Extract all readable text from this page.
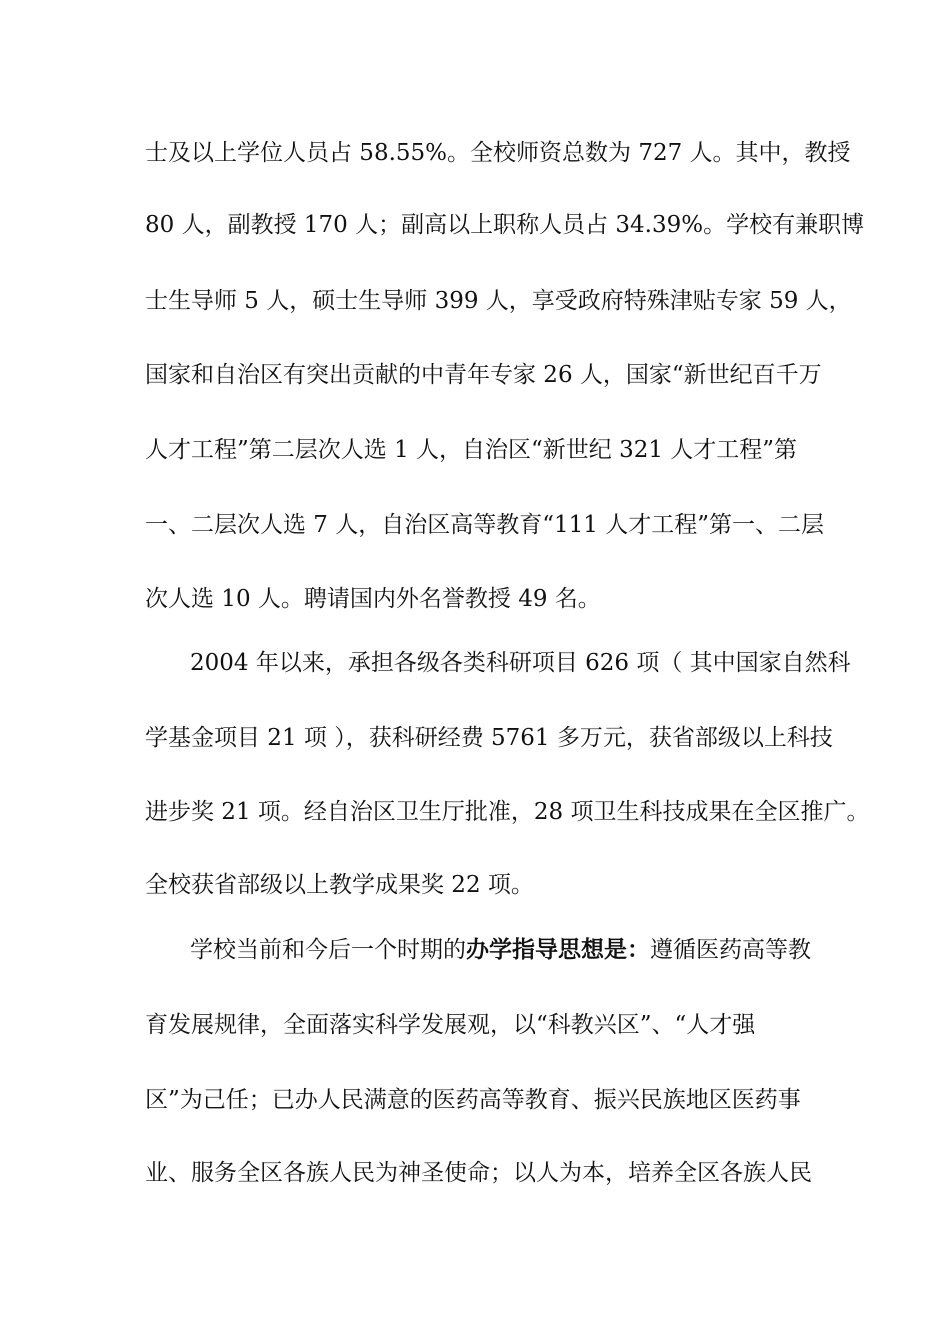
士及以上学位人员占 58.55%。全校师资总数为 727 人。其中，教授

80 人，副教授 170 人；副高以上职称人员占 34.39%。学校有兼职博

士生导师 5 人，硕士生导师 399 人，享受政府特殊津贴专家 59 人，

国家和自治区有突出贡献的中青年专家 26 人，国家“新世纪百千万

人才工程”第二层次人选 1 人，自治区“新世纪 321 人才工程”第

一、二层次人选 7 人，自治区高等教育“111 人才工程”第一、二层

次人选 10 人。聘请国内外名誉教授 49 名。

2004 年以来，承担各级各类科研项目 626 项（ 其中国家自然科

学基金项目 21 项 ），获科研经费 5761 多万元，获省部级以上科技

进步奖 21 项。经自治区卫生厅批准，28 项卫生科技成果在全区推广。

全校获省部级以上教学成果奖 22 项。

学校当前和今后一个时期的办学指导思想是：遵循医药高等教

育发展规律，全面落实科学发展观，以“科教兴区”、“人才强

区”为己任；已办人民满意的医药高等教育、振兴民族地区医药事

业、服务全区各族人民为神圣使命；以人为本，培养全区各族人民
